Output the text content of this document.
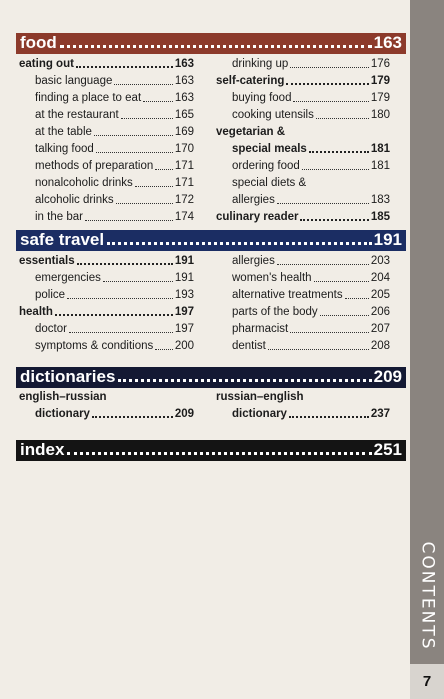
food	163
eating out	163
basic language	163
finding a place to eat	163
at the restaurant	165
at the table	169
talking food	170
methods of preparation 171
nonalcoholic drinks	171
alcoholic drinks	172
in the bar	174
drinking up	176
self-catering	179
buying food	179
cooking utensils	180
vegetarian &
special meals	181
ordering food	181
special diets &
allergies	183
culinary reader	185
safe travel	191
essentials	191
emergencies	191
police	193
health	197
doctor	197
symptoms & conditions 200
allergies	203
women's health	204
alternative treatments 205
parts of the body	206
pharmacist	207
dentist	208
dictionaries	209
english–russian
dictionary	209
russian–english
dictionary	237
index	251
CONTENTS
7
